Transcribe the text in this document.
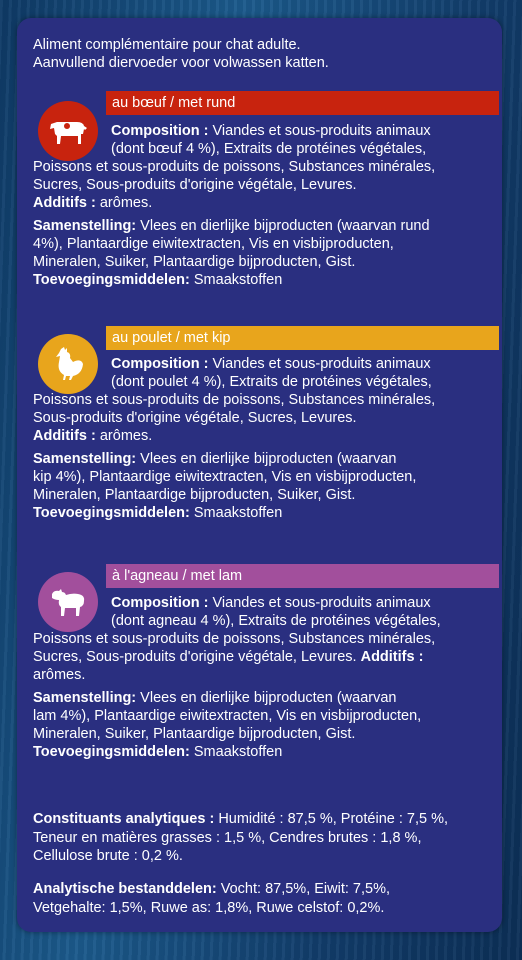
Aliment complémentaire pour chat adulte.

Aanvullend diervoeder voor volwassen katten.

au bœuf / met rund

Composition : Viandes et sous-produits animaux

(dont bœuf 4 %), Extraits de protéines végétales,

Poissons et sous-produits de poissons, Substances minérales,

Sucres, Sous-produits d'origine végétale, Levures.

Additifs : arômes.

Samenstelling: Vlees en dierlijke bijproducten (waarvan rund

4%), Plantaardige eiwitextracten, Vis en visbijproducten,

Mineralen, Suiker, Plantaardige bijproducten, Gist.

Toevoegingsmiddelen: Smaakstoffen

au poulet / met kip

Composition : Viandes et sous-produits animaux

(dont poulet 4 %), Extraits de protéines végétales,

Poissons et sous-produits de poissons, Substances minérales,

Sous-produits d'origine végétale, Sucres, Levures.

Additifs : arômes.

Samenstelling: Vlees en dierlijke bijproducten (waarvan

kip 4%), Plantaardige eiwitextracten, Vis en visbijproducten,

Mineralen, Plantaardige bijproducten, Suiker, Gist.

Toevoegingsmiddelen: Smaakstoffen

à l'agneau / met lam

Composition : Viandes et sous-produits animaux

(dont agneau 4 %), Extraits de protéines végétales,

Poissons et sous-produits de poissons, Substances minérales,

Sucres, Sous-produits d'origine végétale, Levures. Additifs :

arômes.

Samenstelling: Vlees en dierlijke bijproducten (waarvan

lam 4%), Plantaardige eiwitextracten, Vis en visbijproducten,

Mineralen, Suiker, Plantaardige bijproducten, Gist.

Toevoegingsmiddelen: Smaakstoffen

Constituants analytiques : Humidité : 87,5 %, Protéine : 7,5 %,

Teneur en matières grasses : 1,5 %, Cendres brutes : 1,8 %,

Cellulose brute : 0,2 %.

Analytische bestanddelen: Vocht: 87,5%, Eiwit: 7,5%,

Vetgehalte: 1,5%, Ruwe as: 1,8%, Ruwe celstof: 0,2%.
